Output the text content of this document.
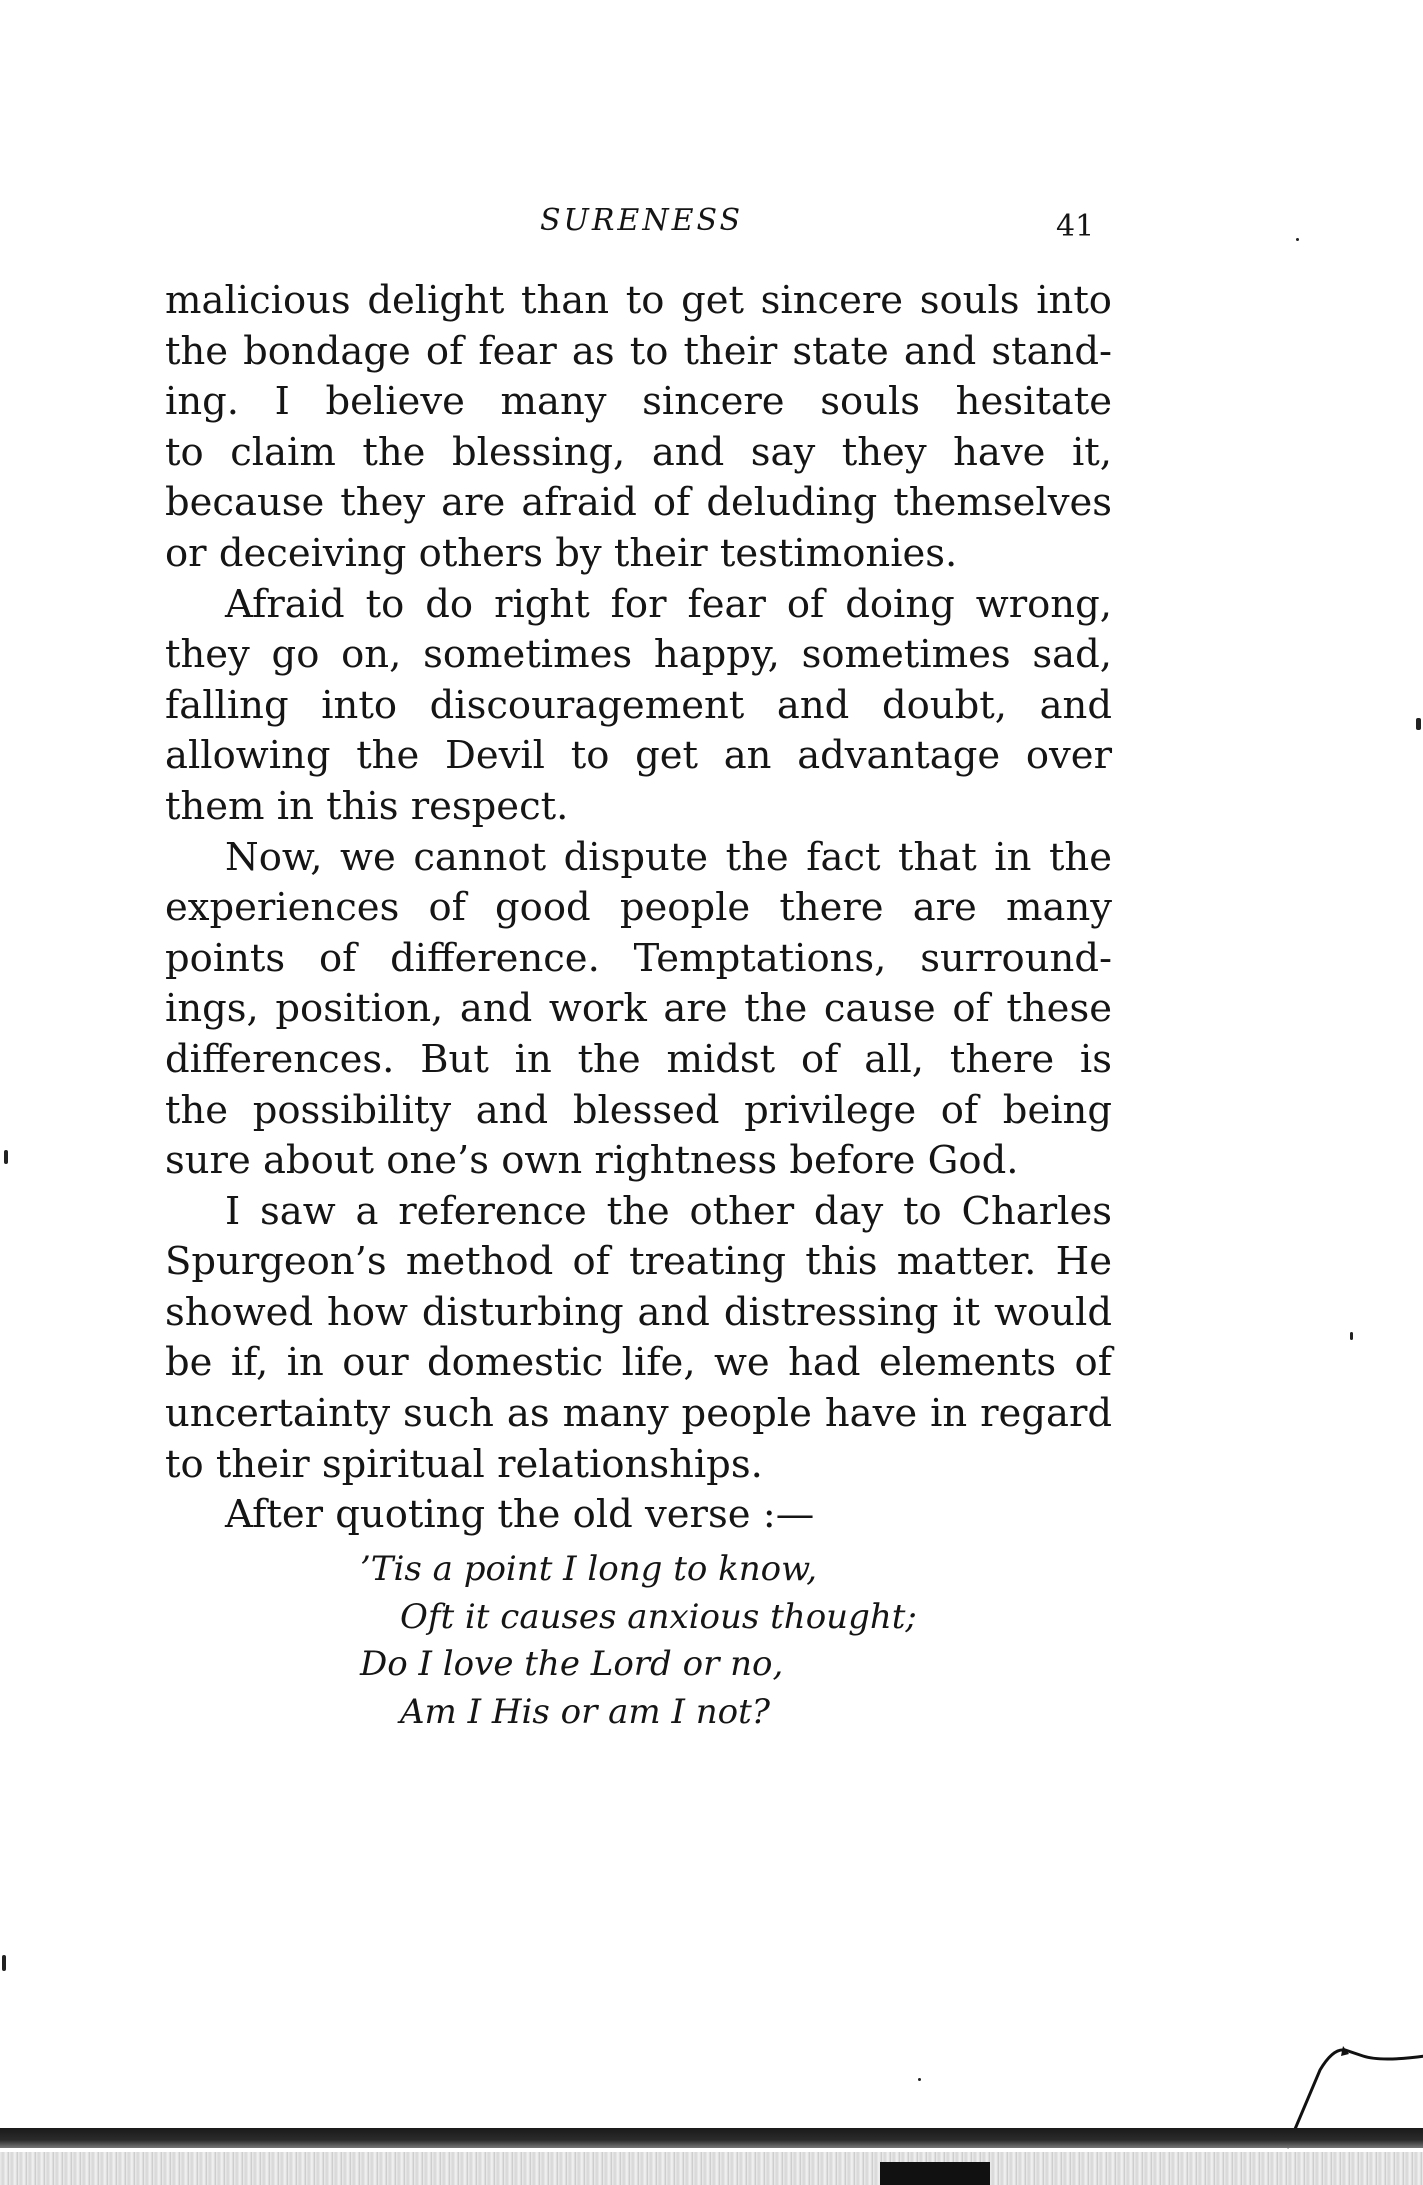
SURENESS	41

malicious delight than to get sincere souls into
the bondage of fear as to their state and stand-
ing. I believe many sincere souls hesitate
to claim the blessing, and say they have it,
because they are afraid of deluding themselves
or deceiving others by their testimonies.

Afraid to do right for fear of doing wrong,
they go on, sometimes happy, sometimes sad,
falling into discouragement and doubt, and
allowing the Devil to get an advantage over
them in this respect.

Now, we cannot dispute the fact that in the
experiences of good people there are many
points of difference. Temptations, surround-
ings, position, and work are the cause of these
differences. But in the midst of all, there is
the possibility and blessed privilege of being
sure about one’s own rightness before God.

I saw a reference the other day to Charles
Spurgeon’s method of treating this matter. He
showed how disturbing and distressing it would
be if, in our domestic life, we had elements of
uncertainty such as many people have in regard
to their spiritual relationships.

After quoting the old verse :—

’Tis a point I long to know,
Oft it causes anxious thought;
Do I love the Lord or no,
Am I His or am I not?
